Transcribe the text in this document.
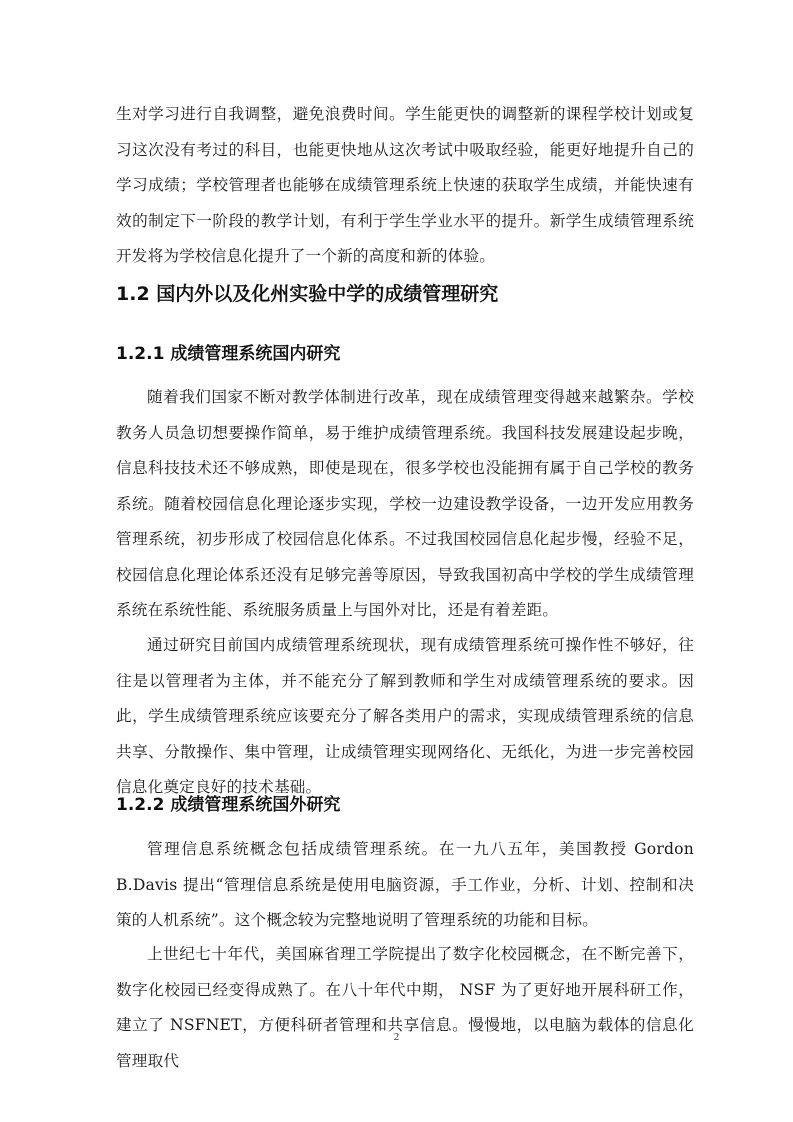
生对学习进行自我调整，避免浪费时间。学生能更快的调整新的课程学校计划或复习这次没有考过的科目，也能更快地从这次考试中吸取经验，能更好地提升自己的学习成绩；学校管理者也能够在成绩管理系统上快速的获取学生成绩，并能快速有效的制定下一阶段的教学计划，有利于学生学业水平的提升。新学生成绩管理系统开发将为学校信息化提升了一个新的高度和新的体验。

1.2 国内外以及化州实验中学的成绩管理研究
1.2.1 成绩管理系统国内研究

随着我们国家不断对教学体制进行改革，现在成绩管理变得越来越繁杂。学校教务人员急切想要操作简单，易于维护成绩管理系统。我国科技发展建设起步晚，信息科技技术还不够成熟，即使是现在，很多学校也没能拥有属于自己学校的教务系统。随着校园信息化理论逐步实现，学校一边建设教学设备，一边开发应用教务管理系统，初步形成了校园信息化体系。不过我国校园信息化起步慢，经验不足，校园信息化理论体系还没有足够完善等原因，导致我国初高中学校的学生成绩管理系统在系统性能、系统服务质量上与国外对比，还是有着差距。

通过研究目前国内成绩管理系统现状，现有成绩管理系统可操作性不够好，往往是以管理者为主体，并不能充分了解到教师和学生对成绩管理系统的要求。因此，学生成绩管理系统应该要充分了解各类用户的需求，实现成绩管理系统的信息共享、分散操作、集中管理，让成绩管理实现网络化、无纸化，为进一步完善校园信息化奠定良好的技术基础。

1.2.2 成绩管理系统国外研究

管理信息系统概念包括成绩管理系统。在一九八五年，美国教授 Gordon B.Davis 提出“管理信息系统是使用电脑资源，手工作业，分析、计划、控制和决策的人机系统”。这个概念较为完整地说明了管理系统的功能和目标。

上世纪七十年代，美国麻省理工学院提出了数字化校园概念，在不断完善下，数字化校园已经变得成熟了。在八十年代中期， NSF 为了更好地开展科研工作，建立了 NSFNET，方便科研者管理和共享信息。慢慢地，以电脑为载体的信息化管理取代

2
